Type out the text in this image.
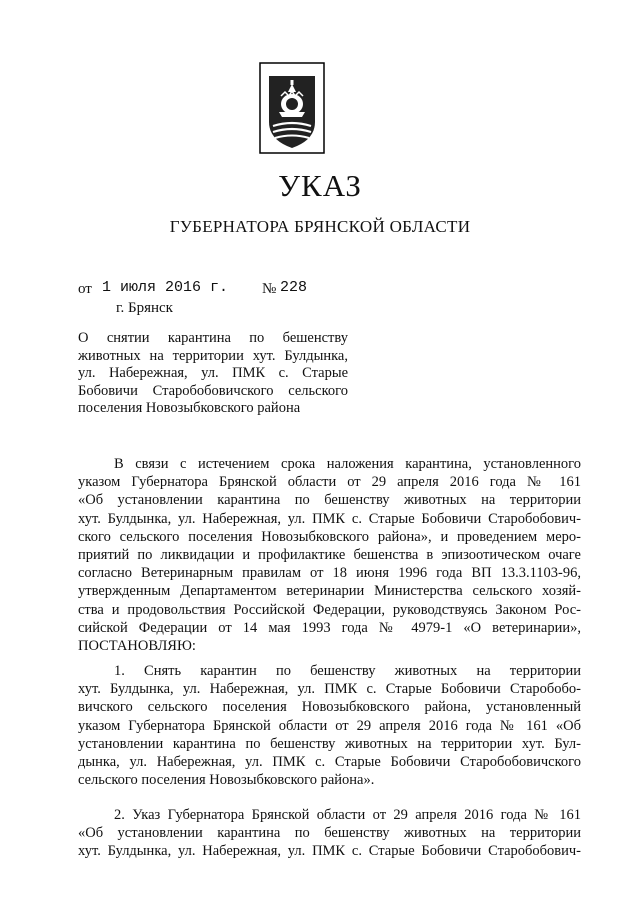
УКАЗ
ГУБЕРНАТОРА БРЯНСКОЙ ОБЛАСТИ
от 1 июля 2016 г. № 228
г. Брянск

О снятии карантина по бешенству
животных на территории хут. Булдынка,
ул. Набережная, ул. ПМК с. Старые
Бобовичи Старобобовичского сельского
поселения Новозыбковского района

В связи с истечением срока наложения карантина, установленного
указом Губернатора Брянской области от 29 апреля 2016 года № 161
«Об установлении карантина по бешенству животных на территории
хут. Булдынка, ул. Набережная, ул. ПМК с. Старые Бобовичи Старобобович-
ского сельского поселения Новозыбковского района», и проведением меро-
приятий по ликвидации и профилактике бешенства в эпизоотическом очаге
согласно Ветеринарным правилам от 18 июня 1996 года ВП 13.3.1103-96,
утвержденным Департаментом ветеринарии Министерства сельского хозяй-
ства и продовольствия Российской Федерации, руководствуясь Законом Рос-
сийской Федерации от 14 мая 1993 года № 4979-1 «О ветеринарии»,
ПОСТАНОВЛЯЮ:

1. Снять карантин по бешенству животных на территории
хут. Булдынка, ул. Набережная, ул. ПМК с. Старые Бобовичи Старобобо-
вичского сельского поселения Новозыбковского района, установленный
указом Губернатора Брянской области от 29 апреля 2016 года № 161 «Об
установлении карантина по бешенству животных на территории хут. Бул-
дынка, ул. Набережная, ул. ПМК с. Старые Бобовичи Старобобовичского
сельского поселения Новозыбковского района».

2. Указ Губернатора Брянской области от 29 апреля 2016 года № 161
«Об установлении карантина по бешенству животных на территории
хут. Булдынка, ул. Набережная, ул. ПМК с. Старые Бобовичи Старобобович-
